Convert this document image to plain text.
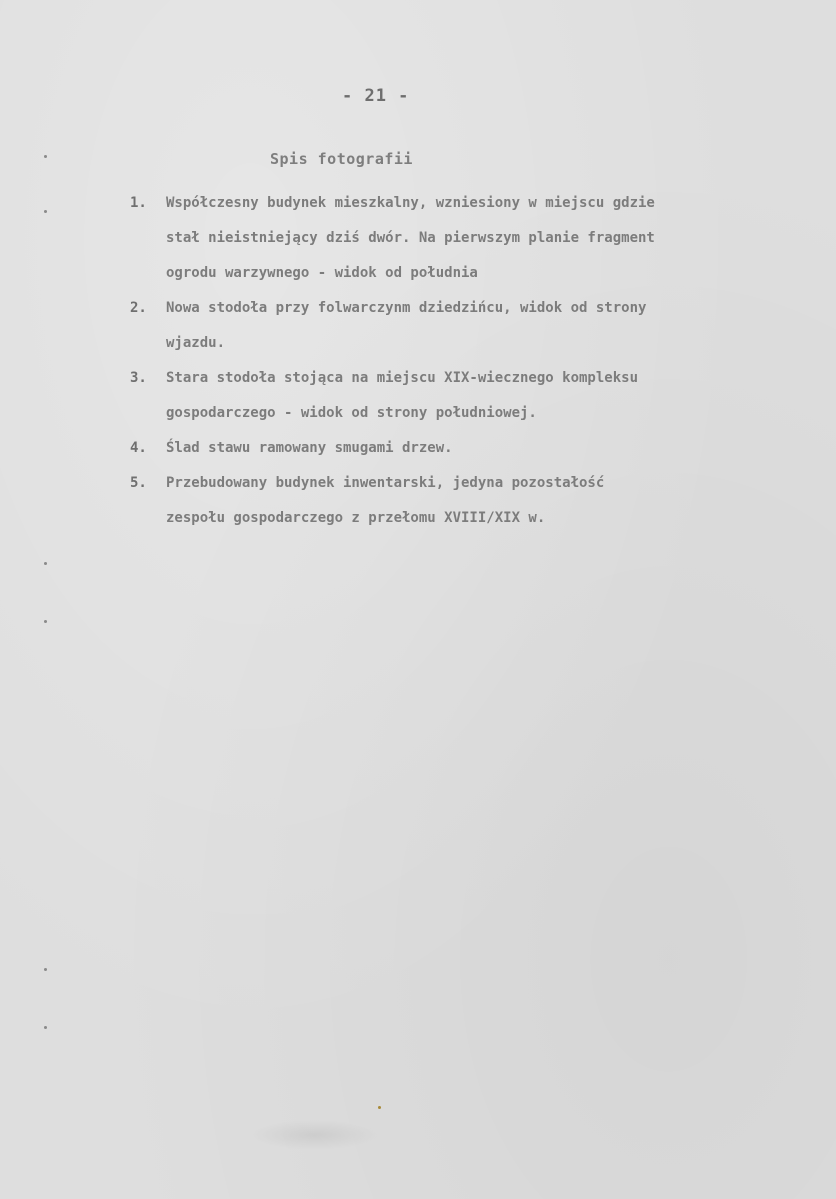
- 21 -
Spis fotografii
1. Współczesny budynek mieszkalny, wzniesiony w miejscu gdzie
stał nieistniejący dziś dwór. Na pierwszym planie fragment
ogrodu warzywnego - widok od południa
2. Nowa stodoła przy folwarczynm dziedzińcu, widok od strony
wjazdu.
3. Stara stodoła stojąca na miejscu XIX-wiecznego kompleksu
gospodarczego - widok od strony południowej.
4. Ślad stawu ramowany smugami drzew.
5. Przebudowany budynek inwentarski, jedyna pozostałość
zespołu gospodarczego z przełomu XVIII/XIX w.
